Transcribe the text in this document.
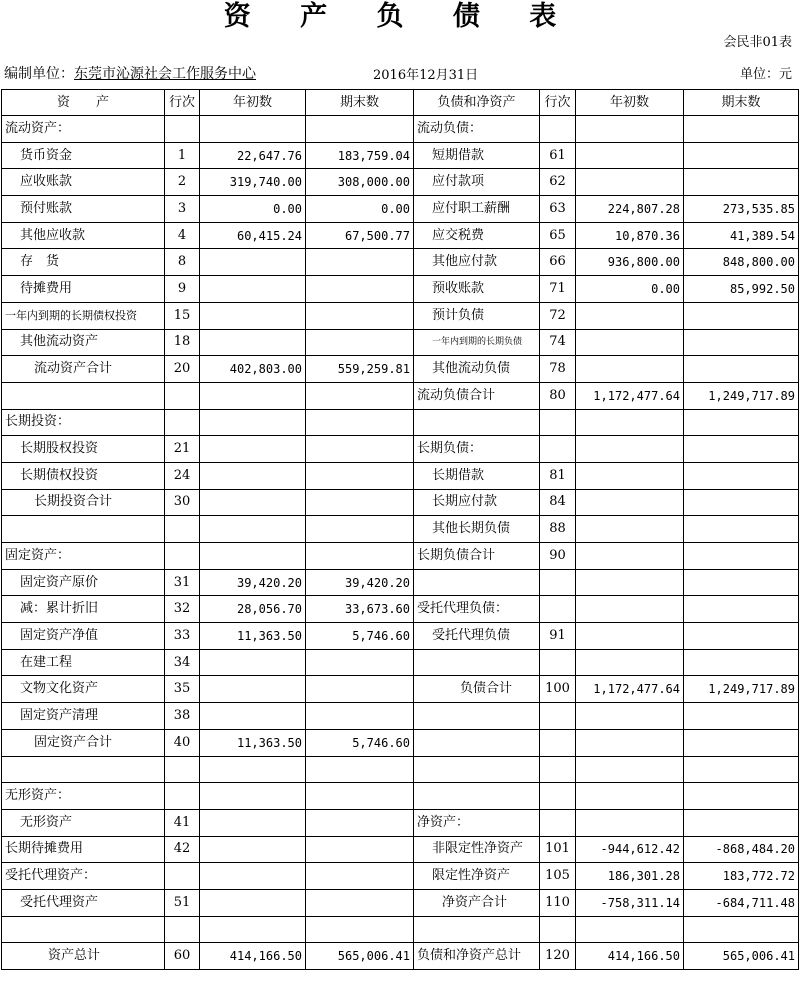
资 产 负 债 表
会民非01表
编制单位：东莞市沁源社会工作服务中心	2016年12月31日	单位：元
资　　产	行次	年初数	期末数	负债和净资产	行次	年初数	期末数
流动资产：				流动负债：			
货币资金	1	22,647.76	183,759.04	短期借款	61		
应收账款	2	319,740.00	308,000.00	应付款项	62		
预付账款	3	0.00	0.00	应付职工薪酬	63	224,807.28	273,535.85
其他应收款	4	60,415.24	67,500.77	应交税费	65	10,870.36	41,389.54
存　货	8			其他应付款	66	936,800.00	848,800.00
待摊费用	9			预收账款	71	0.00	85,992.50
一年内到期的长期债权投资	15			预计负债	72		
其他流动资产	18			一年内到期的长期负债	74		
流动资产合计	20	402,803.00	559,259.81	其他流动负债	78		
				流动负债合计	80	1,172,477.64	1,249,717.89
长期投资：							
长期股权投资	21			长期负债：			
长期债权投资	24			长期借款	81		
长期投资合计	30			长期应付款	84		
				其他长期负债	88		
固定资产：				长期负债合计	90		
固定资产原价	31	39,420.20	39,420.20				
减：累计折旧	32	28,056.70	33,673.60	受托代理负债：			
固定资产净值	33	11,363.50	5,746.60	受托代理负债	91		
在建工程	34						
文物文化资产	35			负债合计	100	1,172,477.64	1,249,717.89
固定资产清理	38						
固定资产合计	40	11,363.50	5,746.60				

无形资产：							
无形资产	41			净资产：			
长期待摊费用	42			非限定性净资产	101	-944,612.42	-868,484.20
受托代理资产：				限定性净资产	105	186,301.28	183,772.72
受托代理资产	51			净资产合计	110	-758,311.14	-684,711.48

资产总计	60	414,166.50	565,006.41	负债和净资产总计	120	414,166.50	565,006.41
